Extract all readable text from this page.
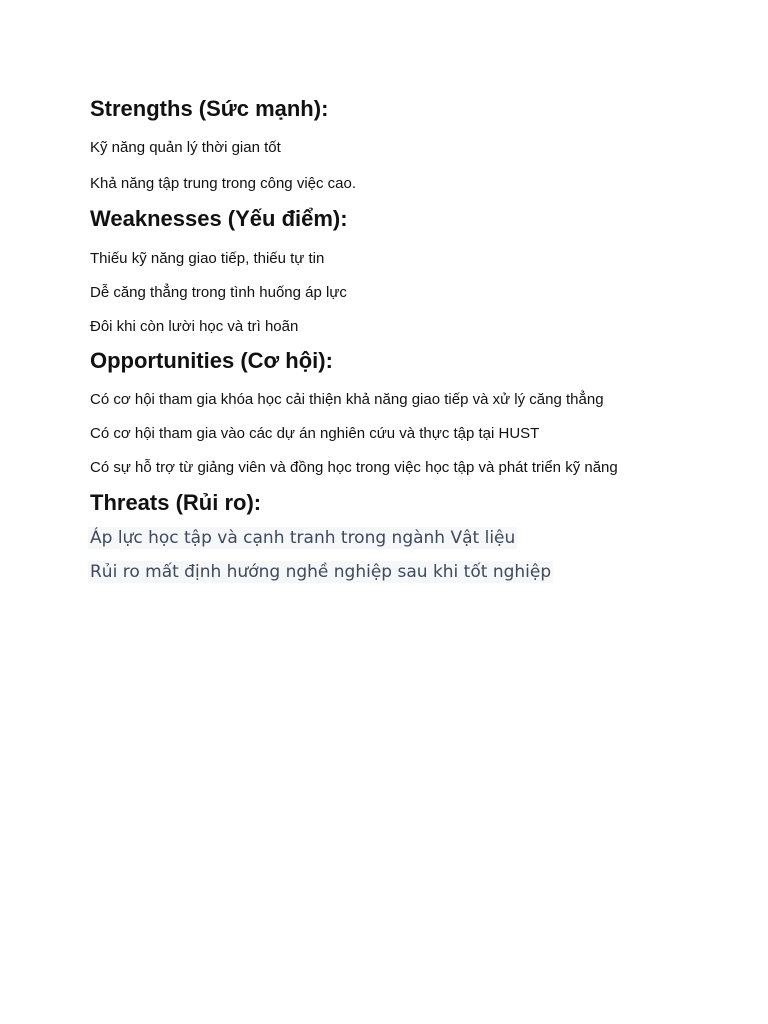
Strengths (Sức mạnh):

Kỹ năng quản lý thời gian tốt

Khả năng tập trung trong công việc cao.

Weaknesses (Yếu điểm):

Thiếu kỹ năng giao tiếp, thiếu tự tin

Dễ căng thẳng trong tình huống áp lực

Đôi khi còn lười học và trì hoãn

Opportunities (Cơ hội):

Có cơ hội tham gia khóa học cải thiện khả năng giao tiếp và xử lý căng thẳng

Có cơ hội tham gia vào các dự án nghiên cứu và thực tập tại HUST

Có sự hỗ trợ từ giảng viên và đồng học trong việc học tập và phát triển kỹ năng

Threats (Rủi ro):

Áp lực học tập và cạnh tranh trong ngành Vật liệu

Rủi ro mất định hướng nghề nghiệp sau khi tốt nghiệp
